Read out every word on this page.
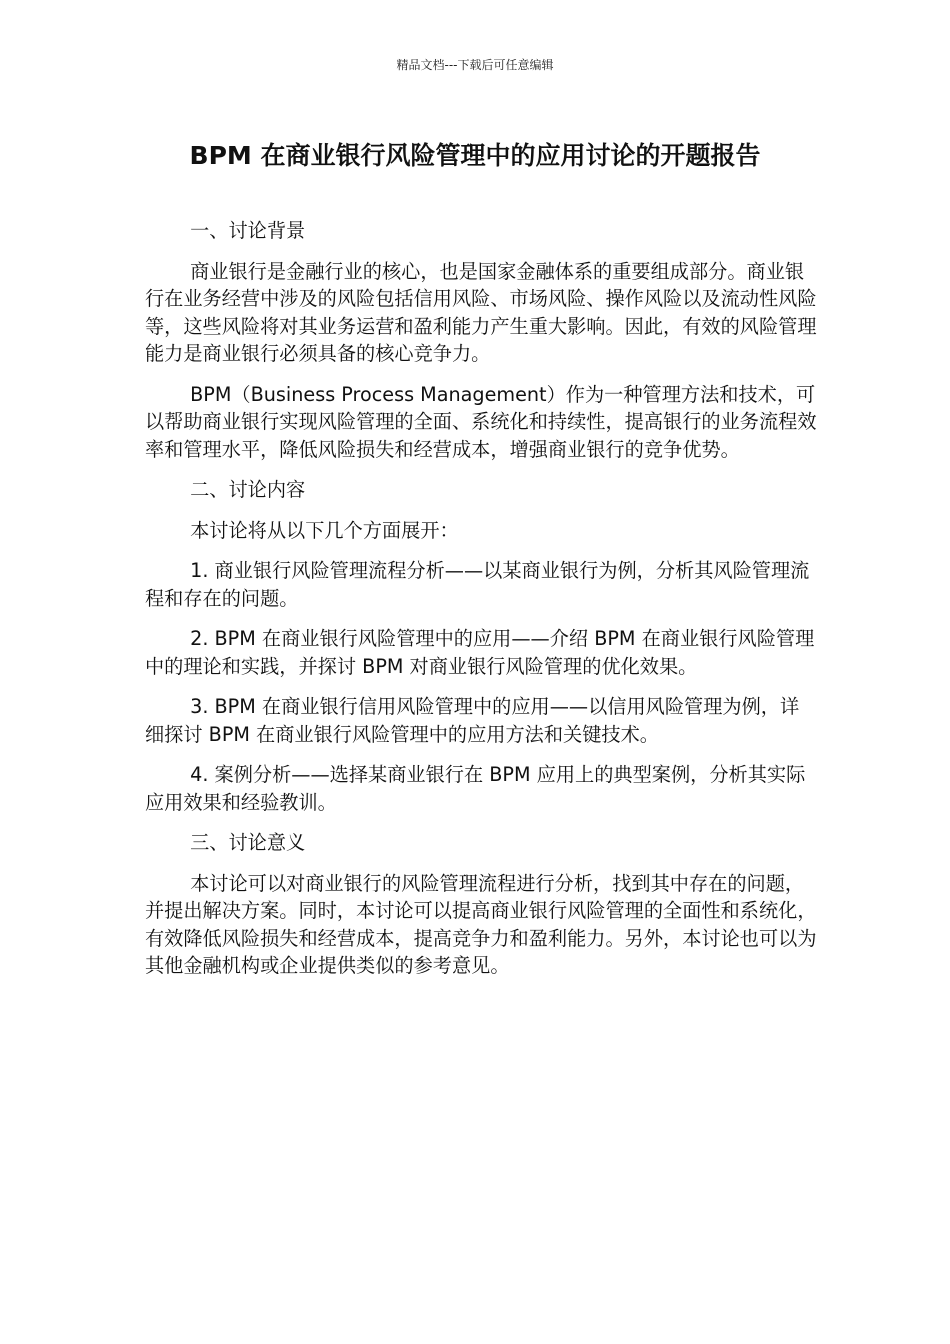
精品文档---下载后可任意编辑
BPM 在商业银行风险管理中的应用讨论的开题报告

一、讨论背景

商业银行是金融行业的核心，也是国家金融体系的重要组成部分。商业银行在业务经营中涉及的风险包括信用风险、市场风险、操作风险以及流动性风险等，这些风险将对其业务运营和盈利能力产生重大影响。因此，有效的风险管理能力是商业银行必须具备的核心竞争力。

BPM（Business Process Management）作为一种管理方法和技术，可以帮助商业银行实现风险管理的全面、系统化和持续性，提高银行的业务流程效率和管理水平，降低风险损失和经营成本，增强商业银行的竞争优势。

二、讨论内容

本讨论将从以下几个方面展开：

1. 商业银行风险管理流程分析——以某商业银行为例，分析其风险管理流程和存在的问题。

2. BPM 在商业银行风险管理中的应用——介绍 BPM 在商业银行风险管理中的理论和实践，并探讨 BPM 对商业银行风险管理的优化效果。

3. BPM 在商业银行信用风险管理中的应用——以信用风险管理为例，详细探讨 BPM 在商业银行风险管理中的应用方法和关键技术。

4. 案例分析——选择某商业银行在 BPM 应用上的典型案例，分析其实际应用效果和经验教训。

三、讨论意义

本讨论可以对商业银行的风险管理流程进行分析，找到其中存在的问题，并提出解决方案。同时，本讨论可以提高商业银行风险管理的全面性和系统化，有效降低风险损失和经营成本，提高竞争力和盈利能力。另外，本讨论也可以为其他金融机构或企业提供类似的参考意见。
